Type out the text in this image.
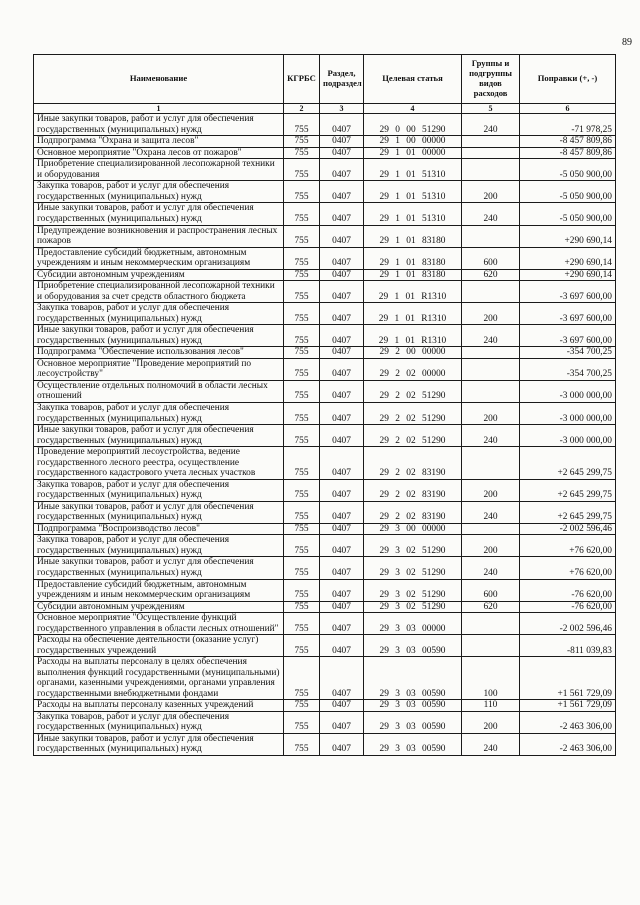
89
Наименование	КГРБС	Раздел, подраздел	Целевая статья	Группы и подгруппы видов расходов	Поправки (+, -)
1	2	3	4	5	6
Иные закупки товаров, работ и услуг для обеспечения государственных (муниципальных) нужд	755	0407	29 0 00 51290	240	-71 978,25
Подпрограмма "Охрана и защита лесов"	755	0407	29 1 00 00000		-8 457 809,86
Основное мероприятие "Охрана лесов от пожаров"	755	0407	29 1 01 00000		-8 457 809,86
Приобретение специализированной лесопожарной техники и оборудования	755	0407	29 1 01 51310		-5 050 900,00
Закупка товаров, работ и услуг для обеспечения государственных (муниципальных) нужд	755	0407	29 1 01 51310	200	-5 050 900,00
Иные закупки товаров, работ и услуг для обеспечения государственных (муниципальных) нужд	755	0407	29 1 01 51310	240	-5 050 900,00
Предупреждение возникновения и распространения лесных пожаров	755	0407	29 1 01 83180		+290 690,14
Предоставление субсидий бюджетным, автономным учреждениям и иным некоммерческим организациям	755	0407	29 1 01 83180	600	+290 690,14
Субсидии автономным учреждениям	755	0407	29 1 01 83180	620	+290 690,14
Приобретение специализированной лесопожарной техники и оборудования за счет средств областного бюджета	755	0407	29 1 01 R1310		-3 697 600,00
Закупка товаров, работ и услуг для обеспечения государственных (муниципальных) нужд	755	0407	29 1 01 R1310	200	-3 697 600,00
Иные закупки товаров, работ и услуг для обеспечения государственных (муниципальных) нужд	755	0407	29 1 01 R1310	240	-3 697 600,00
Подпрограмма "Обеспечение использования лесов"	755	0407	29 2 00 00000		-354 700,25
Основное мероприятие "Проведение мероприятий по лесоустройству"	755	0407	29 2 02 00000		-354 700,25
Осуществление отдельных полномочий в области лесных отношений	755	0407	29 2 02 51290		-3 000 000,00
Закупка товаров, работ и услуг для обеспечения государственных (муниципальных) нужд	755	0407	29 2 02 51290	200	-3 000 000,00
Иные закупки товаров, работ и услуг для обеспечения государственных (муниципальных) нужд	755	0407	29 2 02 51290	240	-3 000 000,00
Проведение мероприятий лесоустройства, ведение государственного лесного реестра, осуществление государственного кадастрового учета лесных участков	755	0407	29 2 02 83190		+2 645 299,75
Закупка товаров, работ и услуг для обеспечения государственных (муниципальных) нужд	755	0407	29 2 02 83190	200	+2 645 299,75
Иные закупки товаров, работ и услуг для обеспечения государственных (муниципальных) нужд	755	0407	29 2 02 83190	240	+2 645 299,75
Подпрограмма "Воспроизводство лесов"	755	0407	29 3 00 00000		-2 002 596,46
Закупка товаров, работ и услуг для обеспечения государственных (муниципальных) нужд	755	0407	29 3 02 51290	200	+76 620,00
Иные закупки товаров, работ и услуг для обеспечения государственных (муниципальных) нужд	755	0407	29 3 02 51290	240	+76 620,00
Предоставление субсидий бюджетным, автономным учреждениям и иным некоммерческим организациям	755	0407	29 3 02 51290	600	-76 620,00
Субсидии автономным учреждениям	755	0407	29 3 02 51290	620	-76 620,00
Основное мероприятие "Осуществление функций государственного управления в области лесных отношений"	755	0407	29 3 03 00000		-2 002 596,46
Расходы на обеспечение деятельности (оказание услуг) государственных учреждений	755	0407	29 3 03 00590		-811 039,83
Расходы на выплаты персоналу в целях обеспечения выполнения функций государственными (муниципальными) органами, казенными учреждениями, органами управления государственными внебюджетными фондами	755	0407	29 3 03 00590	100	+1 561 729,09
Расходы на выплаты персоналу казенных учреждений	755	0407	29 3 03 00590	110	+1 561 729,09
Закупка товаров, работ и услуг для обеспечения государственных (муниципальных) нужд	755	0407	29 3 03 00590	200	-2 463 306,00
Иные закупки товаров, работ и услуг для обеспечения государственных (муниципальных) нужд	755	0407	29 3 03 00590	240	-2 463 306,00
